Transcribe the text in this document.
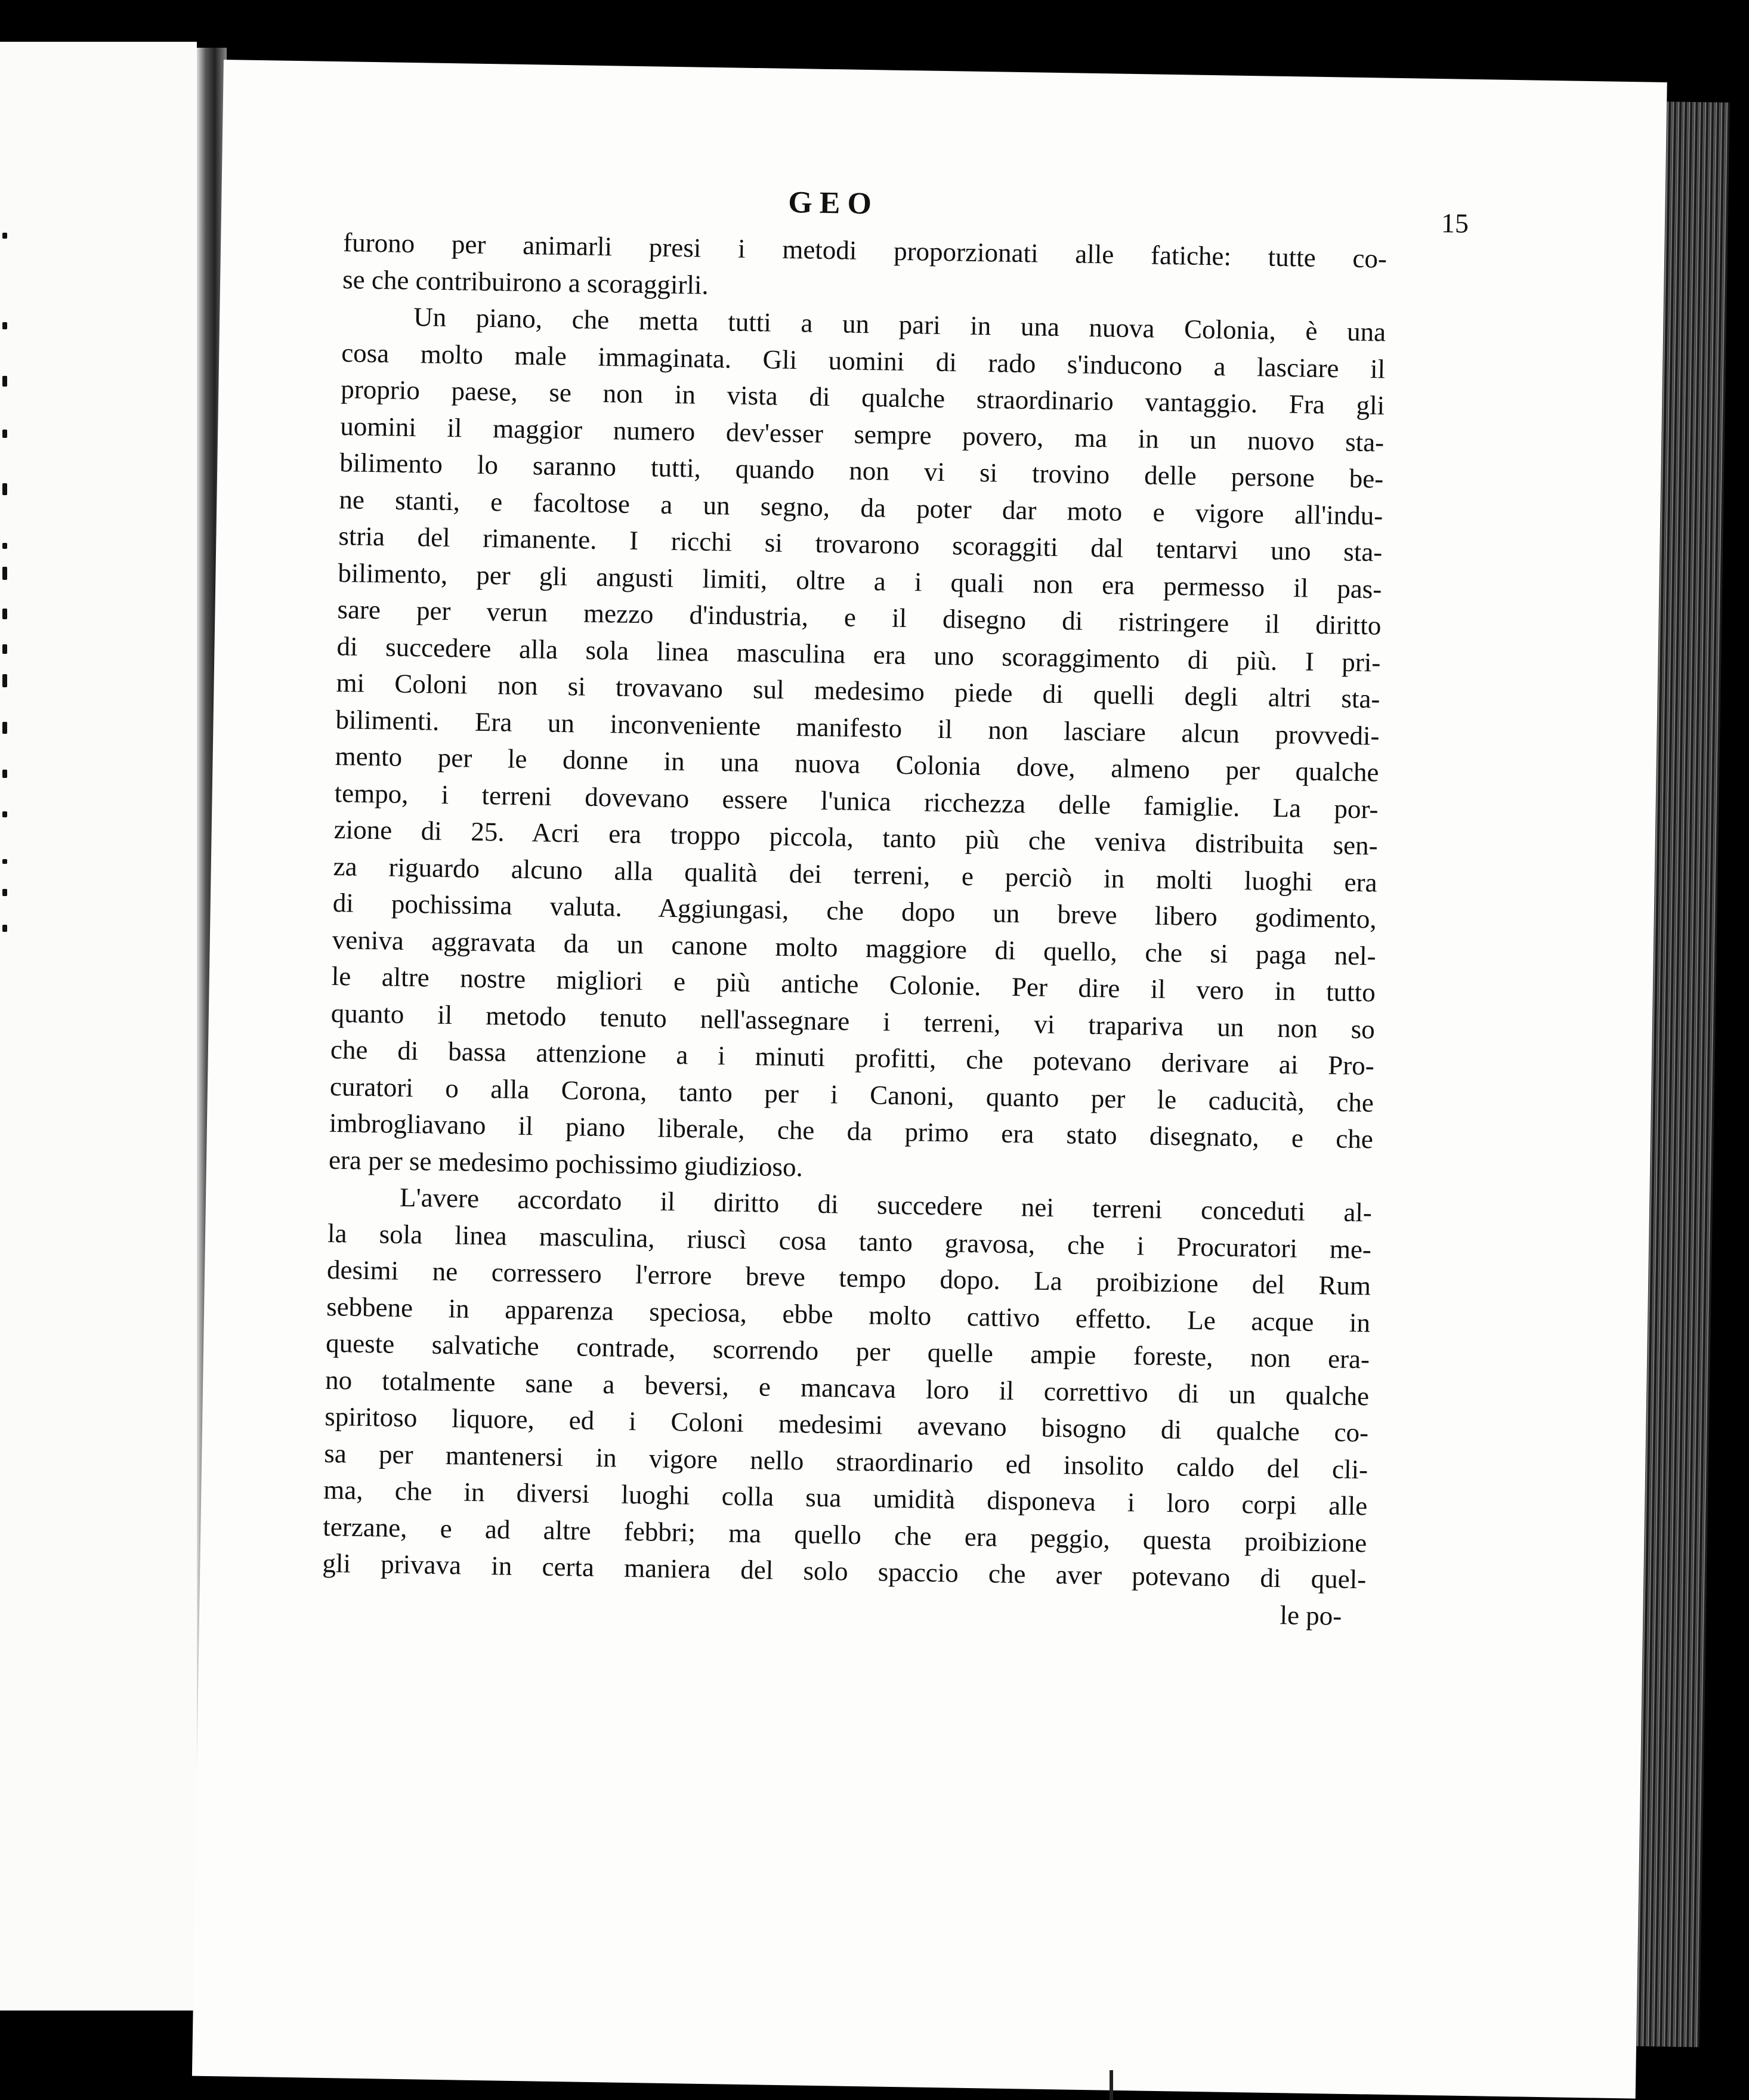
GEO
15

furono per animarli presi i metodi proporzionati alle fatiche: tutte co-
se che contribuirono a scoraggirli.

Un piano, che metta tutti a un pari in una nuova Colonia, è una
cosa molto male immaginata. Gli uomini di rado s'inducono a lasciare il
proprio paese, se non in vista di qualche straordinario vantaggio. Fra gli
uomini il maggior numero dev'esser sempre povero, ma in un nuovo sta-
bilimento lo saranno tutti, quando non vi si trovino delle persone be-
ne stanti, e facoltose a un segno, da poter dar moto e vigore all'indu-
stria del rimanente. I ricchi si trovarono scoraggiti dal tentarvi uno sta-
bilimento, per gli angusti limiti, oltre a i quali non era permesso il pas-
sare per verun mezzo d'industria, e il disegno di ristringere il diritto
di succedere alla sola linea masculina era uno scoraggimento di più. I pri-
mi Coloni non si trovavano sul medesimo piede di quelli degli altri sta-
bilimenti. Era un inconveniente manifesto il non lasciare alcun provvedi-
mento per le donne in una nuova Colonia dove, almeno per qualche
tempo, i terreni dovevano essere l'unica ricchezza delle famiglie. La por-
zione di 25. Acri era troppo piccola, tanto più che veniva distribuita sen-
za riguardo alcuno alla qualità dei terreni, e perciò in molti luoghi era
di pochissima valuta. Aggiungasi, che dopo un breve libero godimento,
veniva aggravata da un canone molto maggiore di quello, che si paga nel-
le altre nostre migliori e più antiche Colonie. Per dire il vero in tutto
quanto il metodo tenuto nell'assegnare i terreni, vi trapariva un non so
che di bassa attenzione a i minuti profitti, che potevano derivare ai Pro-
curatori o alla Corona, tanto per i Canoni, quanto per le caducità, che
imbrogliavano il piano liberale, che da primo era stato disegnato, e che
era per se medesimo pochissimo giudizioso.

L'avere accordato il diritto di succedere nei terreni conceduti al-
la sola linea masculina, riuscì cosa tanto gravosa, che i Procuratori me-
desimi ne corressero l'errore breve tempo dopo. La proibizione del Rum
sebbene in apparenza speciosa, ebbe molto cattivo effetto. Le acque in
queste salvatiche contrade, scorrendo per quelle ampie foreste, non era-
no totalmente sane a beversi, e mancava loro il correttivo di un qualche
spiritoso liquore, ed i Coloni medesimi avevano bisogno di qualche co-
sa per mantenersi in vigore nello straordinario ed insolito caldo del cli-
ma, che in diversi luoghi colla sua umidità disponeva i loro corpi alle
terzane, e ad altre febbri; ma quello che era peggio, questa proibizione
gli privava in certa maniera del solo spaccio che aver potevano di quel-

le po-
